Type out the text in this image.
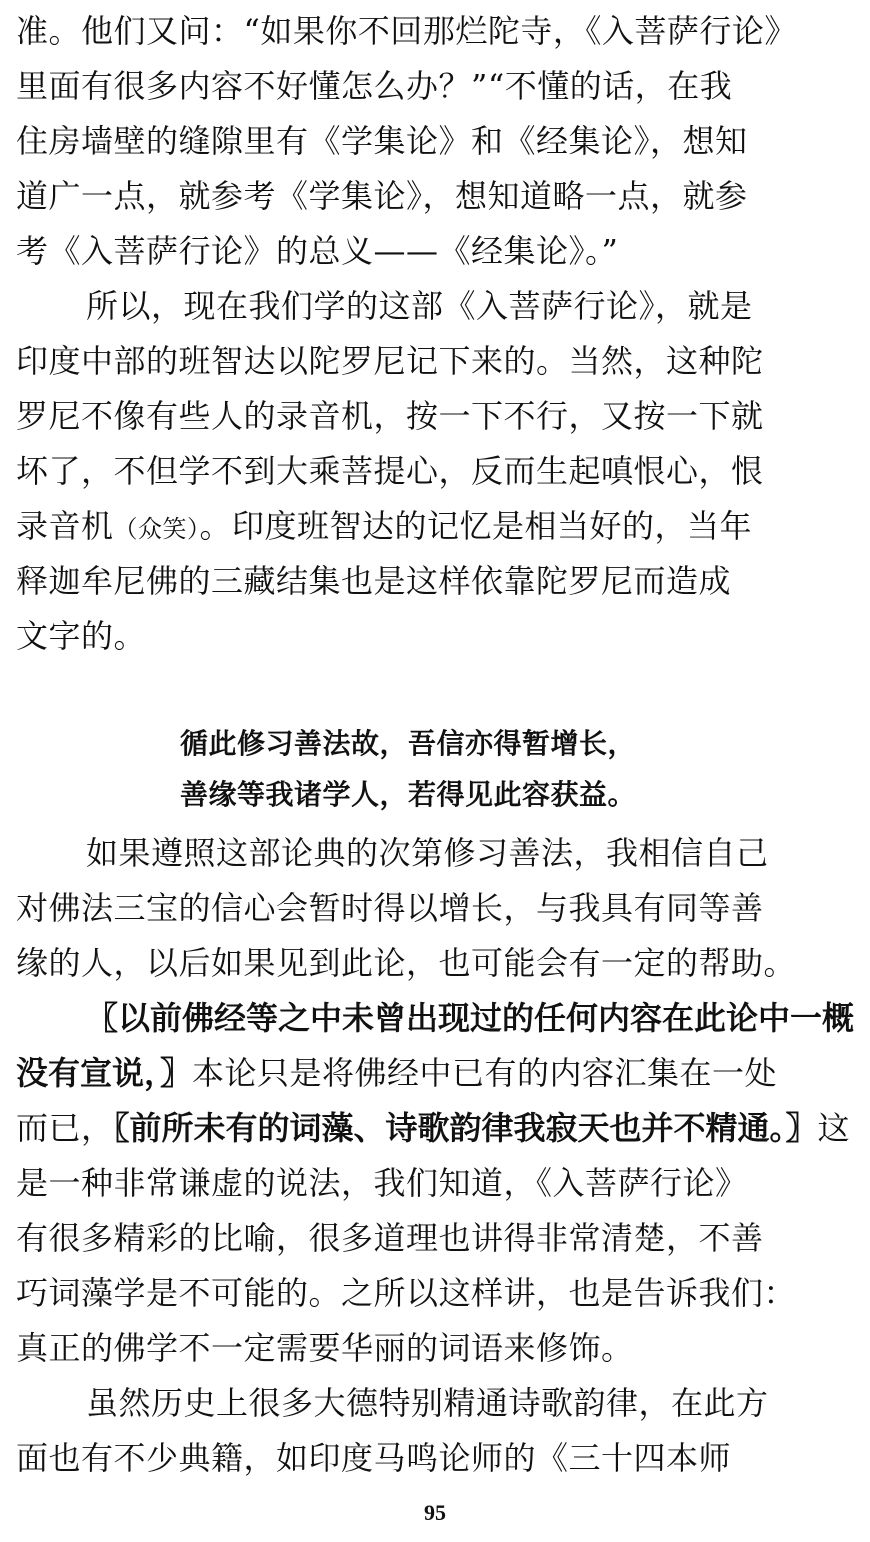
准。他们又问：“如果你不回那烂陀寺，《入菩萨行论》
里面有很多内容不好懂怎么办？”“不懂的话，在我
住房墙壁的缝隙里有《学集论》和《经集论》，想知
道广一点，就参考《学集论》，想知道略一点，就参
考《入菩萨行论》的总义——《经集论》。”
所以，现在我们学的这部《入菩萨行论》，就是
印度中部的班智达以陀罗尼记下来的。当然，这种陀
罗尼不像有些人的录音机，按一下不行，又按一下就
坏了，不但学不到大乘菩提心，反而生起嗔恨心，恨
录音机（众笑）。印度班智达的记忆是相当好的，当年
释迦牟尼佛的三藏结集也是这样依靠陀罗尼而造成
文字的。
循此修习善法故，吾信亦得暂增长，
善缘等我诸学人，若得见此容获益。
如果遵照这部论典的次第修习善法，我相信自己
对佛法三宝的信心会暂时得以增长，与我具有同等善
缘的人，以后如果见到此论，也可能会有一定的帮助。
〖以前佛经等之中未曾出现过的任何内容在此论中一概
没有宣说，〗本论只是将佛经中已有的内容汇集在一处
而已，〖前所未有的词藻、诗歌韵律我寂天也并不精通。〗这
是一种非常谦虚的说法，我们知道，《入菩萨行论》
有很多精彩的比喻，很多道理也讲得非常清楚，不善
巧词藻学是不可能的。之所以这样讲，也是告诉我们：
真正的佛学不一定需要华丽的词语来修饰。
虽然历史上很多大德特别精通诗歌韵律，在此方
面也有不少典籍，如印度马鸣论师的《三十四本师
95
